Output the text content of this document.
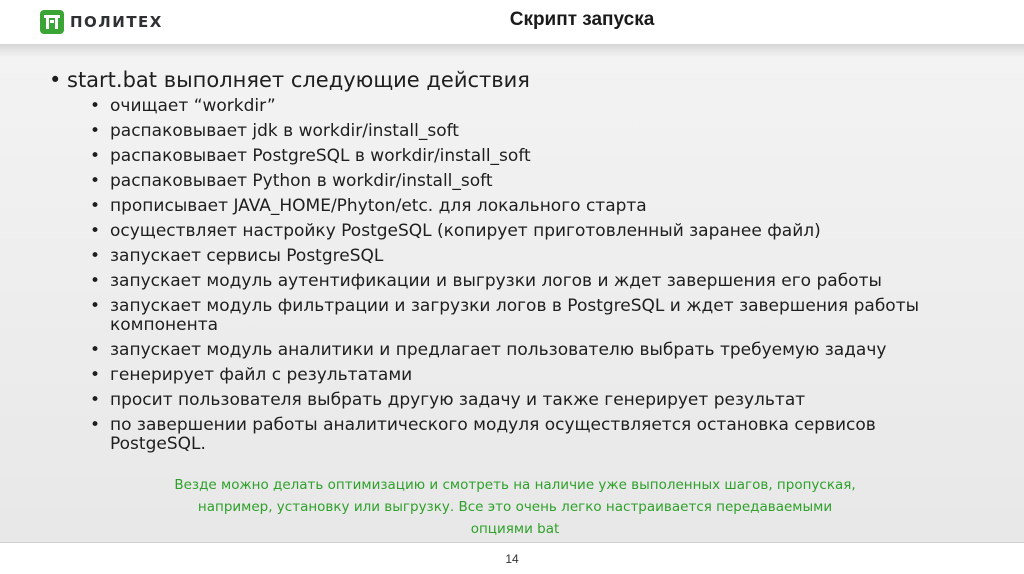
ПОЛИТЕХ	Скрипт запуска
• start.bat выполняет следующие действия
• очищает “workdir”
• распаковывает jdk в workdir/install_soft
• распаковывает PostgreSQL в workdir/install_soft
• распаковывает Python в workdir/install_soft
• прописывает JAVA_HOME/Phyton/etc. для локального старта
• осуществляет настройку PostgeSQL (копирует приготовленный заранее файл)
• запускает сервисы PostgreSQL
• запускает модуль аутентификации и выгрузки логов и ждет завершения его работы
• запускает модуль фильтрации и загрузки логов в PostgreSQL и ждет завершения работы компонента
• запускает модуль аналитики и предлагает пользователю выбрать требуемую задачу
• генерирует файл с результатами
• просит пользователя выбрать другую задачу и также генерирует результат
• по завершении работы аналитического модуля осуществляется остановка сервисов PostgeSQL.
Везде можно делать оптимизацию и смотреть на наличие уже выполенных шагов, пропуская, например, установку или выгрузку. Все это очень легко настраивается передаваемыми опциями bat
14
